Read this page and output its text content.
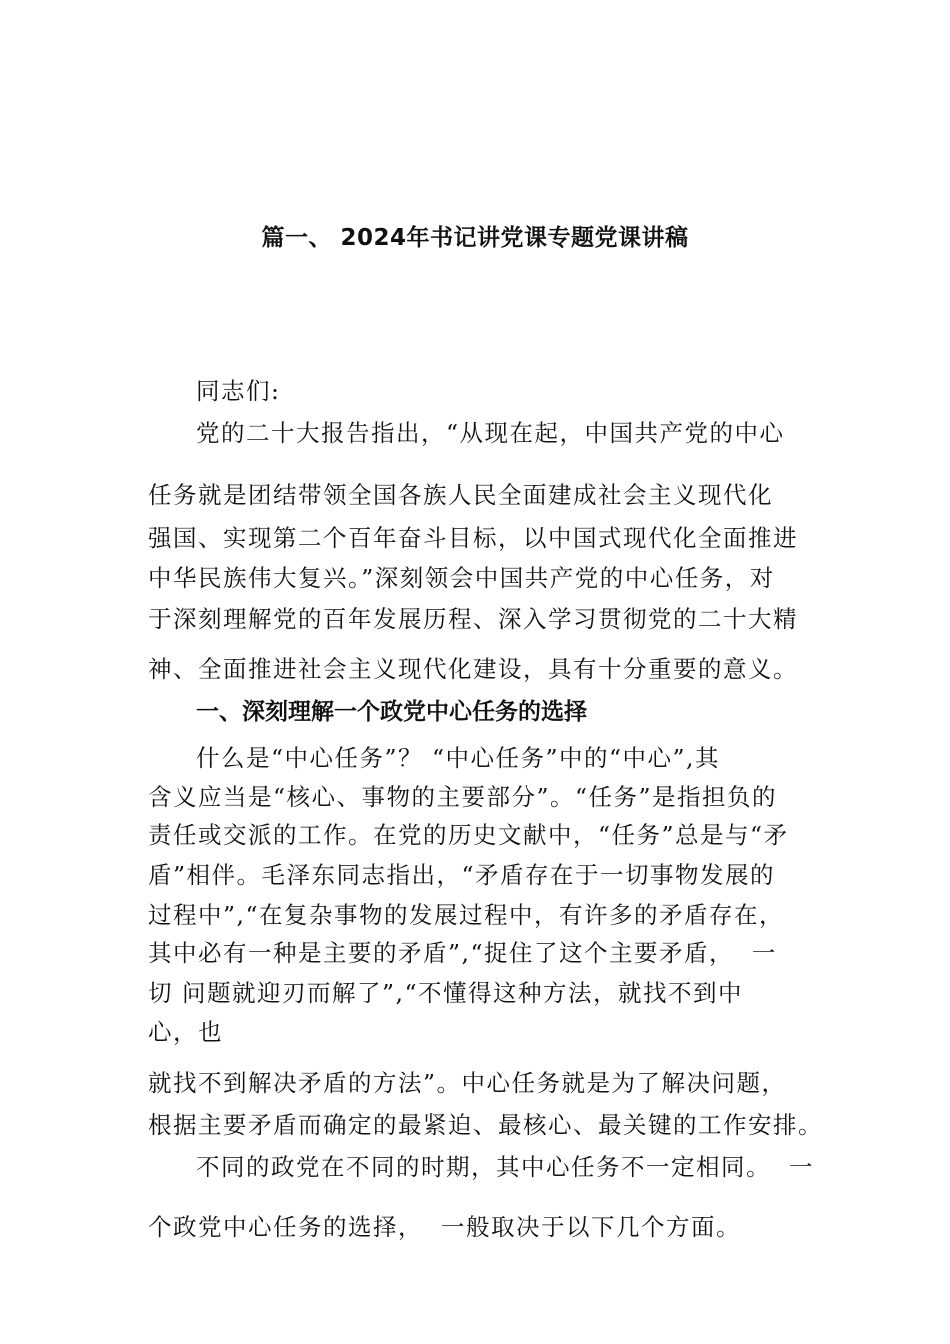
篇一、 2024年书记讲党课专题党课讲稿
同志们:
党的二十大报告指出，“从现在起，中国共产党的中心
任务就是团结带领全国各族人民全面建成社会主义现代化
强国、实现第二个百年奋斗目标，以中国式现代化全面推进
中华民族伟大复兴。”深刻领会中国共产党的中心任务，对
于深刻理解党的百年发展历程、深入学习贯彻党的二十大精
神、全面推进社会主义现代化建设，具有十分重要的意义。
一、深刻理解一个政党中心任务的选择
什么是“中心任务”？ “中心任务”中的“中心”,其
含义应当是“核心、事物的主要部分”。“任务”是指担负的
责任或交派的工作。在党的历史文献中，“任务”总是与“矛
盾”相伴。毛泽东同志指出，“矛盾存在于一切事物发展的
过程中”,“在复杂事物的发展过程中，有许多的矛盾存在，
其中必有一种是主要的矛盾”,“捉住了这个主要矛盾，  一
切 问题就迎刃而解了”,“不懂得这种方法，就找不到中
心，也
就找不到解决矛盾的方法”。中心任务就是为了解决问题，
根据主要矛盾而确定的最紧迫、最核心、最关键的工作安排。
不同的政党在不同的时期，其中心任务不一定相同。  一
个政党中心任务的选择，  一般取决于以下几个方面。
